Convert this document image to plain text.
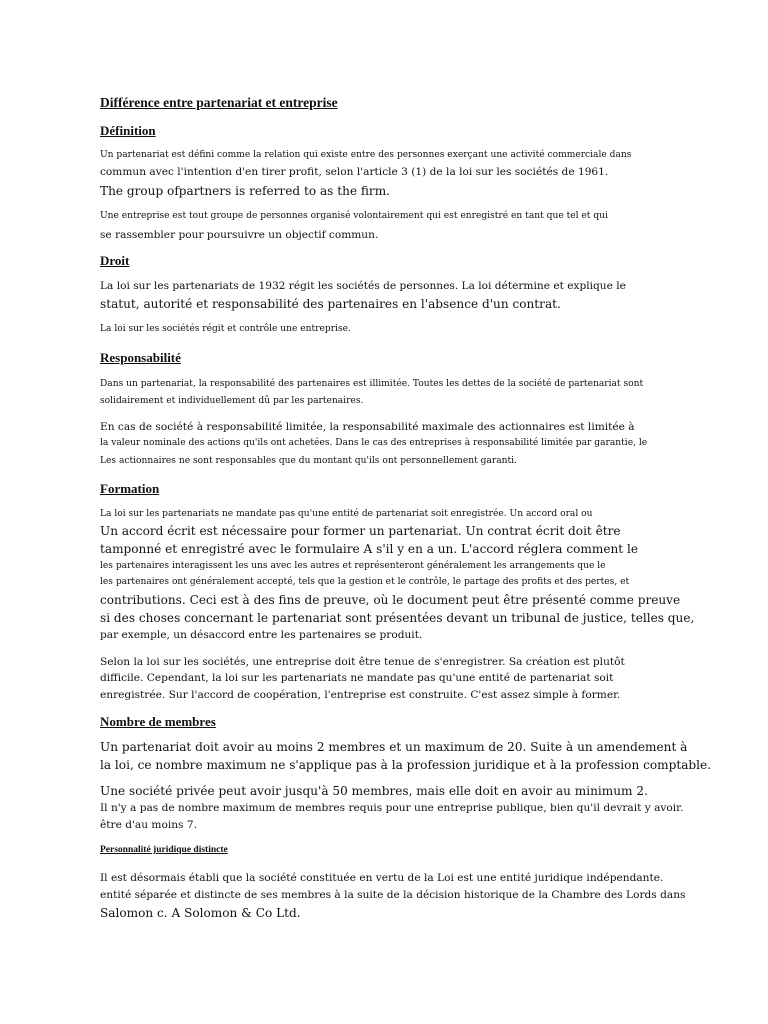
Différence entre partenariat et entreprise
Définition
Un partenariat est défini comme la relation qui existe entre des personnes exerçant une activité commerciale dans
commun avec l'intention d'en tirer profit, selon l'article 3 (1) de la loi sur les sociétés de 1961.
The group ofpartners is referred to as the firm.
Une entreprise est tout groupe de personnes organisé volontairement qui est enregistré en tant que tel et qui
se rassembler pour poursuivre un objectif commun.
Droit
La loi sur les partenariats de 1932 régit les sociétés de personnes. La loi détermine et explique le
statut, autorité et responsabilité des partenaires en l'absence d'un contrat.
La loi sur les sociétés régit et contrôle une entreprise.
Responsabilité
Dans un partenariat, la responsabilité des partenaires est illimitée. Toutes les dettes de la société de partenariat sont
solidairement et individuellement dû par les partenaires.
En cas de société à responsabilité limitée, la responsabilité maximale des actionnaires est limitée à
la valeur nominale des actions qu'ils ont achetées. Dans le cas des entreprises à responsabilité limitée par garantie, le
Les actionnaires ne sont responsables que du montant qu'ils ont personnellement garanti.
Formation
La loi sur les partenariats ne mandate pas qu'une entité de partenariat soit enregistrée. Un accord oral ou
Un accord écrit est nécessaire pour former un partenariat. Un contrat écrit doit être
tamponné et enregistré avec le formulaire A s'il y en a un. L'accord réglera comment le
les partenaires interagissent les uns avec les autres et représenteront généralement les arrangements que le
les partenaires ont généralement accepté, tels que la gestion et le contrôle, le partage des profits et des pertes, et
contributions. Ceci est à des fins de preuve, où le document peut être présenté comme preuve
si des choses concernant le partenariat sont présentées devant un tribunal de justice, telles que,
par exemple, un désaccord entre les partenaires se produit.
Selon la loi sur les sociétés, une entreprise doit être tenue de s'enregistrer. Sa création est plutôt
difficile. Cependant, la loi sur les partenariats ne mandate pas qu'une entité de partenariat soit
enregistrée. Sur l'accord de coopération, l'entreprise est construite. C'est assez simple à former.
Nombre de membres
Un partenariat doit avoir au moins 2 membres et un maximum de 20. Suite à un amendement à
la loi, ce nombre maximum ne s'applique pas à la profession juridique et à la profession comptable.
Une société privée peut avoir jusqu'à 50 membres, mais elle doit en avoir au minimum 2.
Il n'y a pas de nombre maximum de membres requis pour une entreprise publique, bien qu'il devrait y avoir.
être d'au moins 7.
Personnalité juridique distincte
Il est désormais établi que la société constituée en vertu de la Loi est une entité juridique indépendante.
entité séparée et distincte de ses membres à la suite de la décision historique de la Chambre des Lords dans
Salomon c. A Solomon & Co Ltd.
